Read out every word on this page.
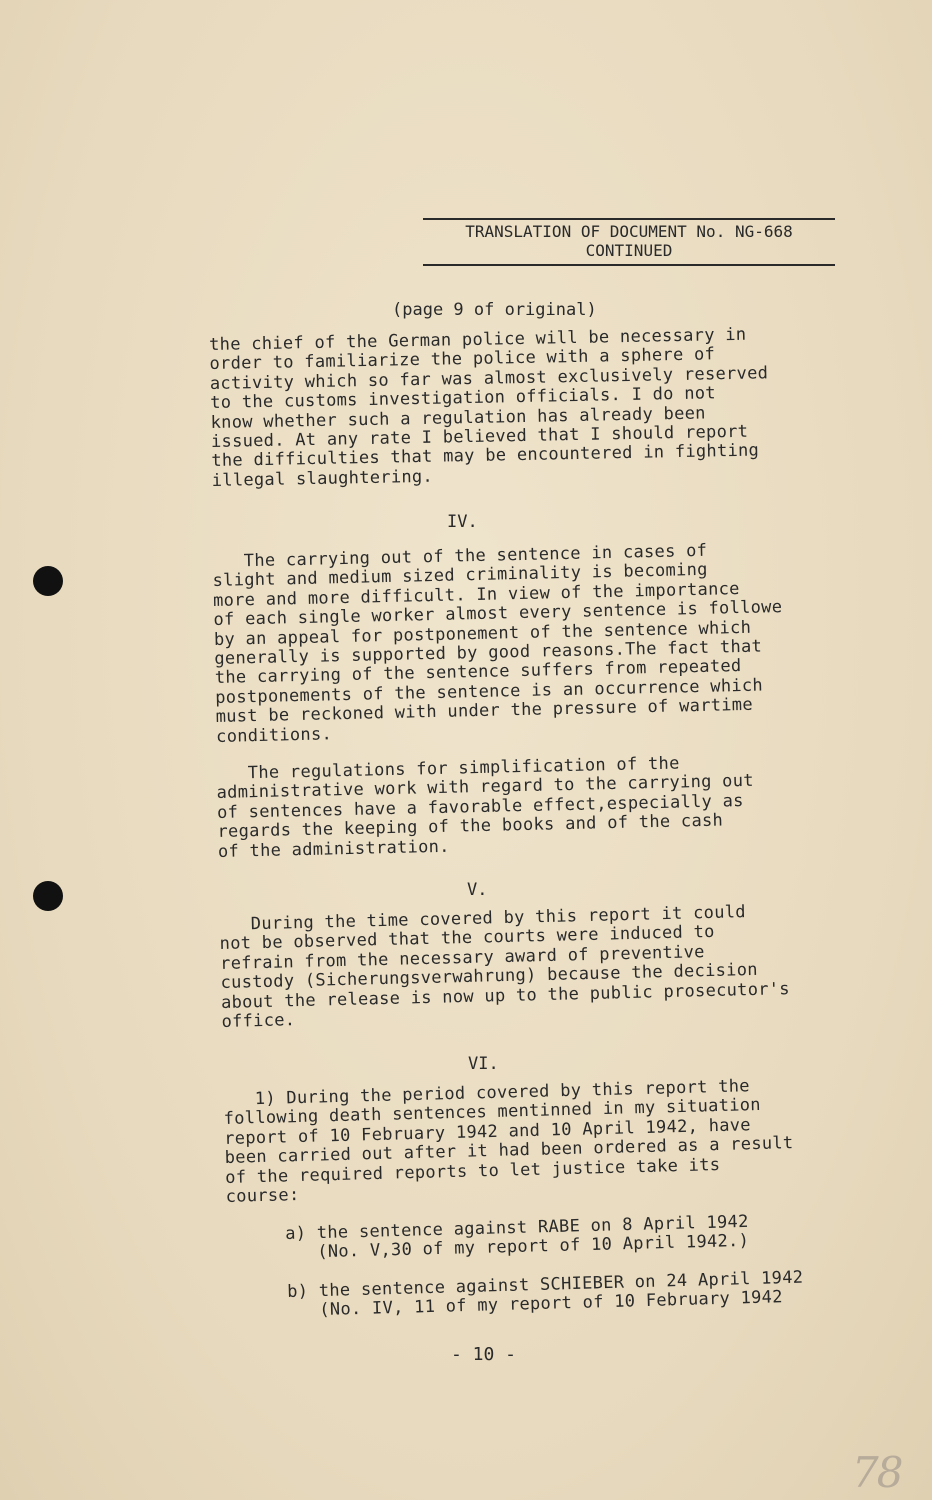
TRANSLATION OF DOCUMENT No. NG-668
CONTINUED
(page 9 of original)
the chief of the German police will be necessary in
order to familiarize the police with a sphere of
activity which so far was almost exclusively reserved
to the customs investigation officials. I do not
know whether such a regulation has already been
issued. At any rate I believed that I should report
the difficulties that may be encountered in fighting
illegal slaughtering.
IV.
The carrying out of the sentence in cases of
slight and medium sized criminality is becoming
more and more difficult. In view of the importance
of each single worker almost every sentence is followe
by an appeal for postponement of the sentence which
generally is supported by good reasons.The fact that
the carrying of the sentence suffers from repeated
postponements of the sentence is an occurrence which
must be reckoned with under the pressure of wartime
conditions.
The regulations for simplification of the
administrative work with regard to the carrying out
of sentences have a favorable effect,especially as
regards the keeping of the books and of the cash
of the administration.
V.
During the time covered by this report it could
not be observed that the courts were induced to
refrain from the necessary award of preventive
custody (Sicherungsverwahrung) because the decision
about the release is now up to the public prosecutor's
office.
VI.
1) During the period covered by this report the
following death sentences mentinned in my situation
report of 10 February 1942 and 10 April 1942, have
been carried out after it had been ordered as a result
of the required reports to let justice take its
course:
a) the sentence against RABE on 8 April 1942
(No. V,30 of my report of 10 April 1942.)
b) the sentence against SCHIEBER on 24 April 1942
(No. IV, 11 of my report of 10 February 1942
- 10 -
78
